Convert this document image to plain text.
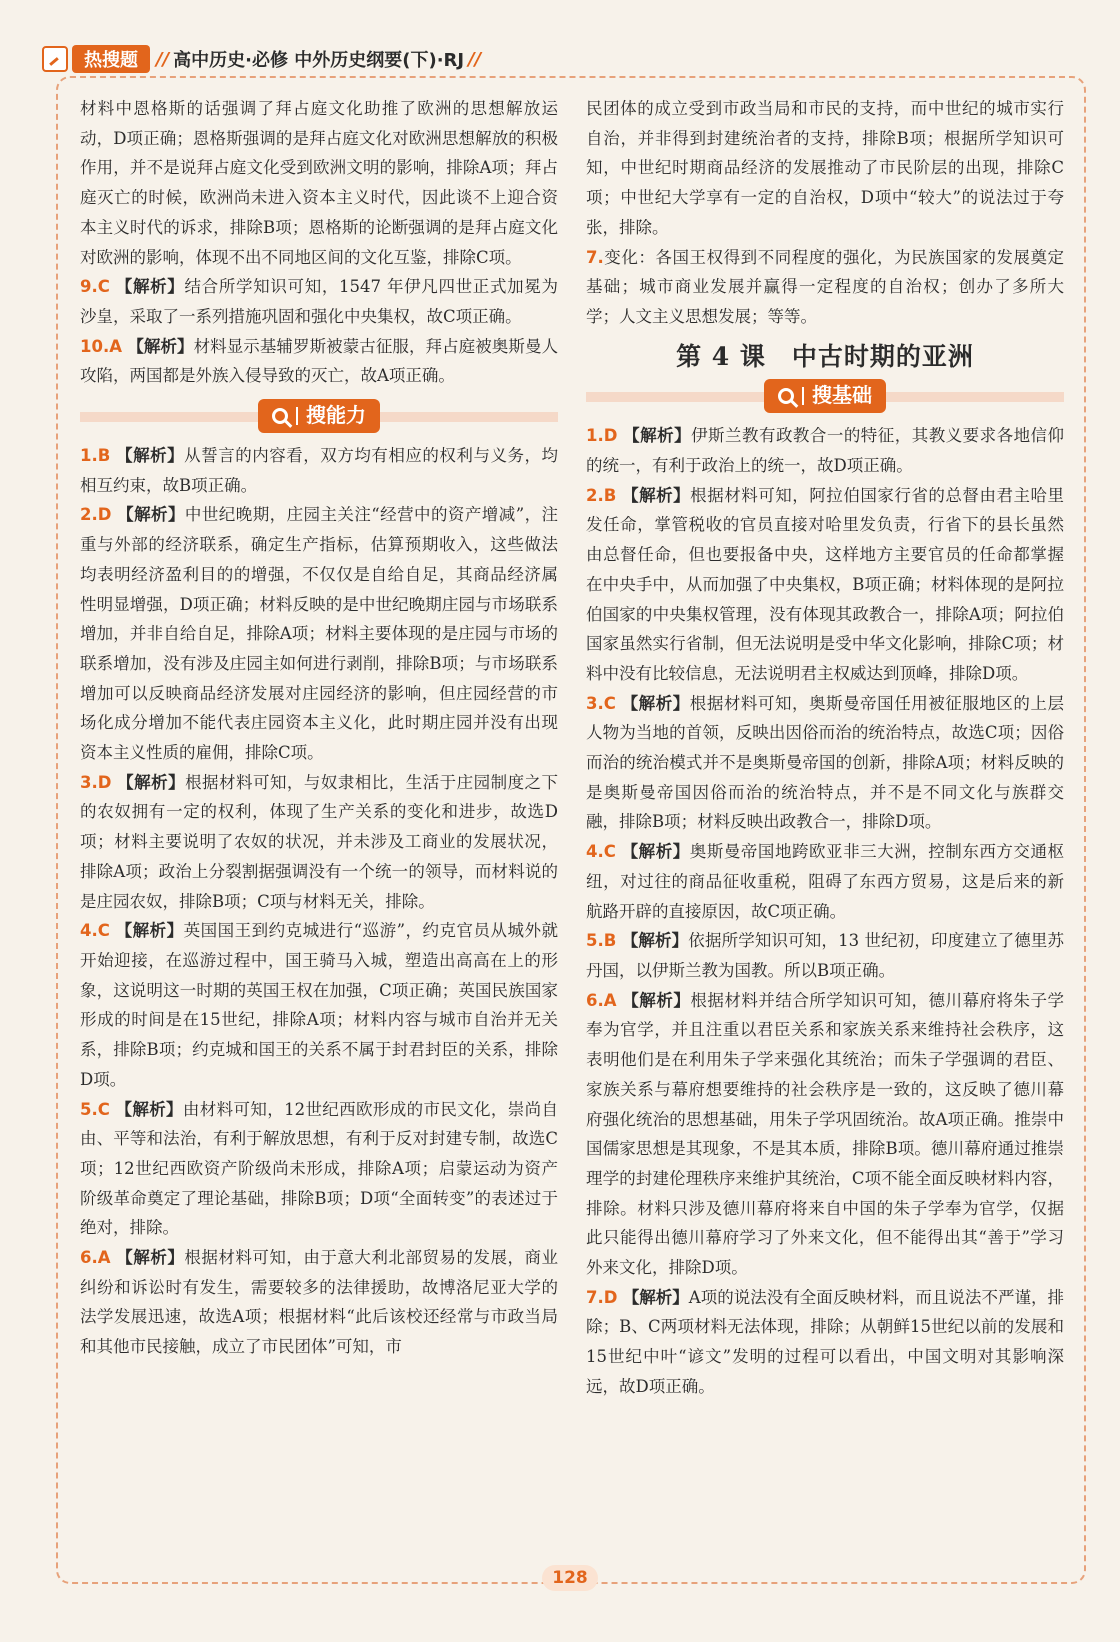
热搜题	// 高中历史·必修 中外历史纲要(下)·RJ //

材料中恩格斯的话强调了拜占庭文化助推了欧洲的思想解放运动，D项正确；恩格斯强调的是拜占庭文化对欧洲思想解放的积极作用，并不是说拜占庭文化受到欧洲文明的影响，排除A项；拜占庭灭亡的时候，欧洲尚未进入资本主义时代，因此谈不上迎合资本主义时代的诉求，排除B项；恩格斯的论断强调的是拜占庭文化对欧洲的影响，体现不出不同地区间的文化互鉴，排除C项。

9.C 【解析】结合所学知识可知，1547 年伊凡四世正式加冕为沙皇，采取了一系列措施巩固和强化中央集权，故C项正确。

10.A 【解析】材料显示基辅罗斯被蒙古征服，拜占庭被奥斯曼人攻陷，两国都是外族入侵导致的灭亡，故A项正确。

搜能力

1.B 【解析】从誓言的内容看，双方均有相应的权利与义务，均相互约束，故B项正确。

2.D 【解析】中世纪晚期，庄园主关注“经营中的资产增减”，注重与外部的经济联系，确定生产指标，估算预期收入，这些做法均表明经济盈利目的的增强，不仅仅是自给自足，其商品经济属性明显增强，D项正确；材料反映的是中世纪晚期庄园与市场联系增加，并非自给自足，排除A项；材料主要体现的是庄园与市场的联系增加，没有涉及庄园主如何进行剥削，排除B项；与市场联系增加可以反映商品经济发展对庄园经济的影响，但庄园经营的市场化成分增加不能代表庄园资本主义化，此时期庄园并没有出现资本主义性质的雇佣，排除C项。

3.D 【解析】根据材料可知，与奴隶相比，生活于庄园制度之下的农奴拥有一定的权利，体现了生产关系的变化和进步，故选D项；材料主要说明了农奴的状况，并未涉及工商业的发展状况，排除A项；政治上分裂割据强调没有一个统一的领导，而材料说的是庄园农奴，排除B项；C项与材料无关，排除。

4.C 【解析】英国国王到约克城进行“巡游”，约克官员从城外就开始迎接，在巡游过程中，国王骑马入城，塑造出高高在上的形象，这说明这一时期的英国王权在加强，C项正确；英国民族国家形成的时间是在15世纪，排除A项；材料内容与城市自治并无关系，排除B项；约克城和国王的关系不属于封君封臣的关系，排除D项。

5.C 【解析】由材料可知，12世纪西欧形成的市民文化，崇尚自由、平等和法治，有利于解放思想，有利于反对封建专制，故选C项；12世纪西欧资产阶级尚未形成，排除A项；启蒙运动为资产阶级革命奠定了理论基础，排除B项；D项“全面转变”的表述过于绝对，排除。

6.A 【解析】根据材料可知，由于意大利北部贸易的发展，商业纠纷和诉讼时有发生，需要较多的法律援助，故博洛尼亚大学的法学发展迅速，故选A项；根据材料“此后该校还经常与市政当局和其他市民接触，成立了市民团体”可知，市

民团体的成立受到市政当局和市民的支持，而中世纪的城市实行自治，并非得到封建统治者的支持，排除B项；根据所学知识可知，中世纪时期商品经济的发展推动了市民阶层的出现，排除C项；中世纪大学享有一定的自治权，D项中“较大”的说法过于夸张，排除。

7.变化：各国王权得到不同程度的强化，为民族国家的发展奠定基础；城市商业发展并赢得一定程度的自治权；创办了多所大学；人文主义思想发展；等等。

第 4 课　中古时期的亚洲
搜基础

1.D 【解析】伊斯兰教有政教合一的特征，其教义要求各地信仰的统一，有利于政治上的统一，故D项正确。

2.B 【解析】根据材料可知，阿拉伯国家行省的总督由君主哈里发任命，掌管税收的官员直接对哈里发负责，行省下的县长虽然由总督任命，但也要报备中央，这样地方主要官员的任命都掌握在中央手中，从而加强了中央集权，B项正确；材料体现的是阿拉伯国家的中央集权管理，没有体现其政教合一，排除A项；阿拉伯国家虽然实行省制，但无法说明是受中华文化影响，排除C项；材料中没有比较信息，无法说明君主权威达到顶峰，排除D项。

3.C 【解析】根据材料可知，奥斯曼帝国任用被征服地区的上层人物为当地的首领，反映出因俗而治的统治特点，故选C项；因俗而治的统治模式并不是奥斯曼帝国的创新，排除A项；材料反映的是奥斯曼帝国因俗而治的统治特点，并不是不同文化与族群交融，排除B项；材料反映出政教合一，排除D项。

4.C 【解析】奥斯曼帝国地跨欧亚非三大洲，控制东西方交通枢纽，对过往的商品征收重税，阻碍了东西方贸易，这是后来的新航路开辟的直接原因，故C项正确。

5.B 【解析】依据所学知识可知，13 世纪初，印度建立了德里苏丹国，以伊斯兰教为国教。所以B项正确。

6.A 【解析】根据材料并结合所学知识可知，德川幕府将朱子学奉为官学，并且注重以君臣关系和家族关系来维持社会秩序，这表明他们是在利用朱子学来强化其统治；而朱子学强调的君臣、家族关系与幕府想要维持的社会秩序是一致的，这反映了德川幕府强化统治的思想基础，用朱子学巩固统治。故A项正确。推崇中国儒家思想是其现象，不是其本质，排除B项。德川幕府通过推崇理学的封建伦理秩序来维护其统治，C项不能全面反映材料内容，排除。材料只涉及德川幕府将来自中国的朱子学奉为官学，仅据此只能得出德川幕府学习了外来文化，但不能得出其“善于”学习外来文化，排除D项。

7.D 【解析】A项的说法没有全面反映材料，而且说法不严谨，排除；B、C两项材料无法体现，排除；从朝鲜15世纪以前的发展和15世纪中叶“谚文”发明的过程可以看出，中国文明对其影响深远，故D项正确。

128
